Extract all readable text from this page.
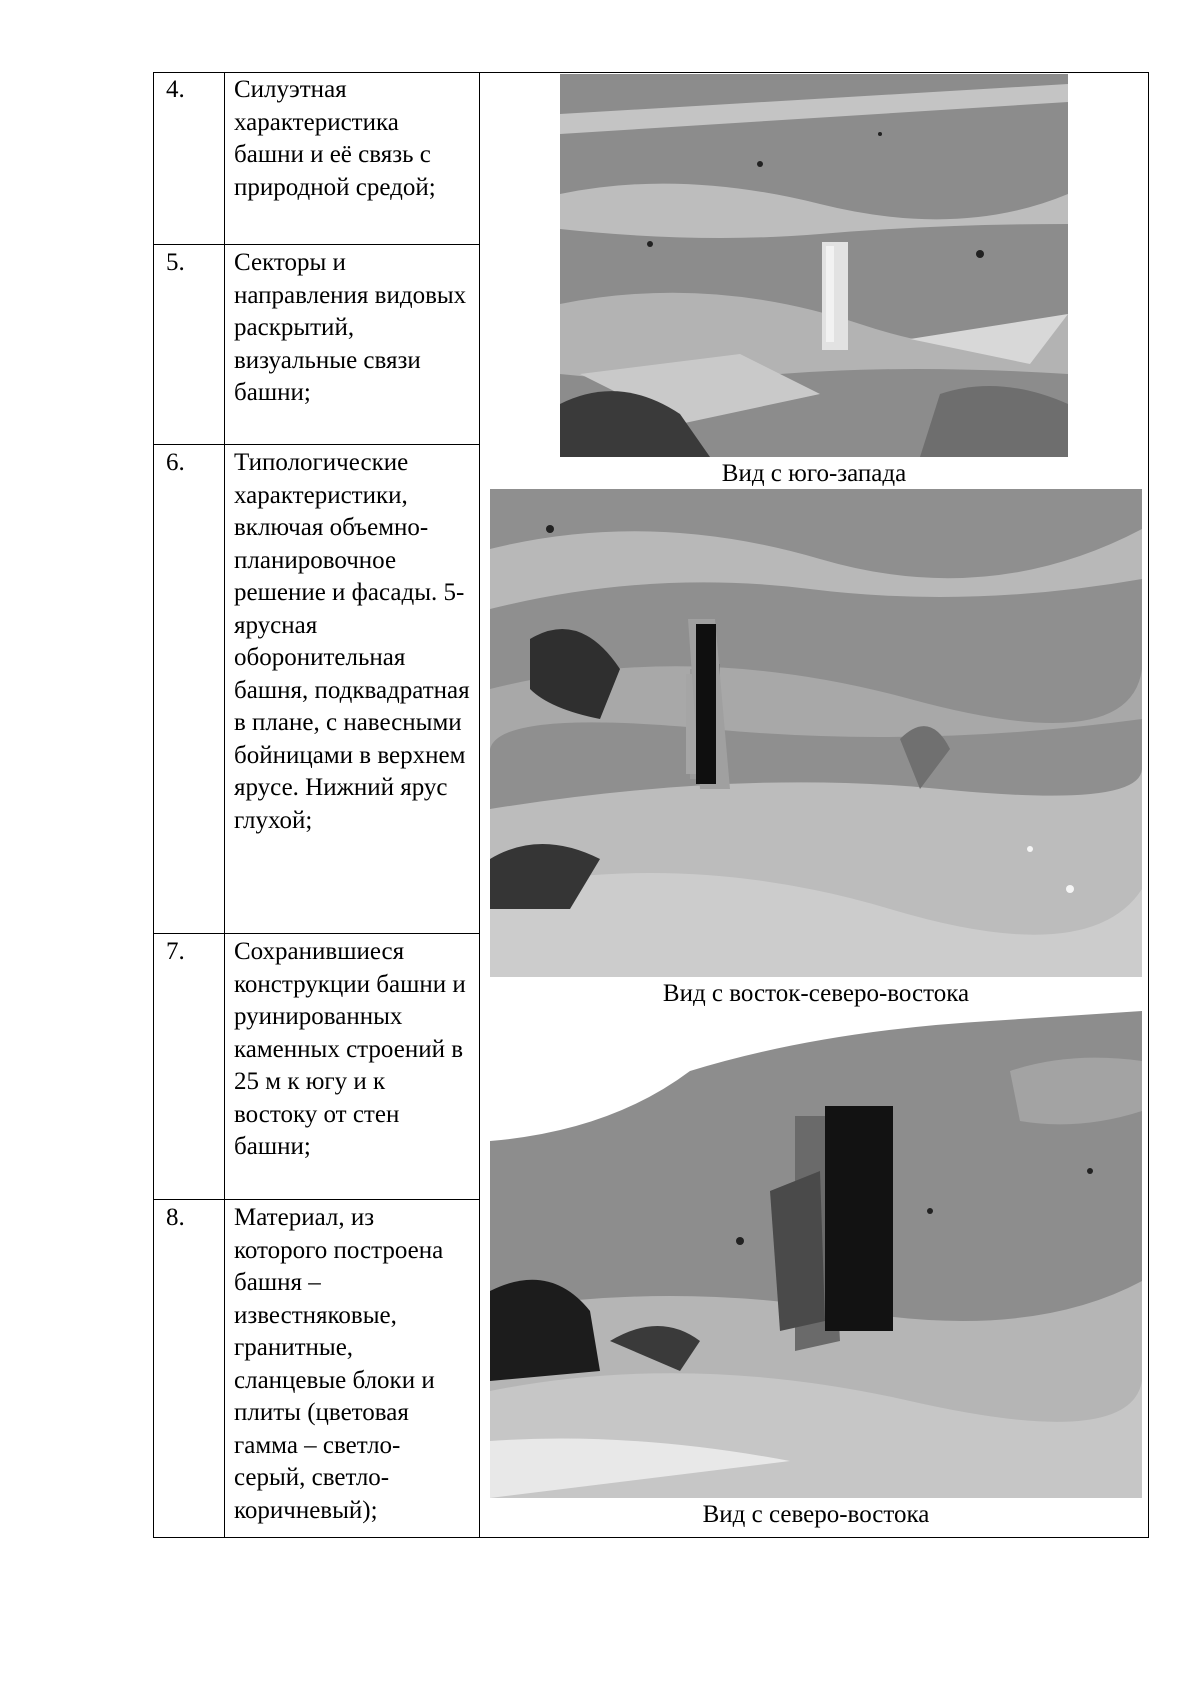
4.
5.
6.
7.
8.
Силуэтная характеристика башни и её связь с природной средой;
Секторы и направления видовых раскрытий, визуальные связи башни;
Типологические характеристики, включая объемно-планировочное решение и фасады. 5-ярусная оборонительная башня, подквадратная в плане, с навесными бойницами в верхнем ярусе. Нижний ярус глухой;
Сохранившиеся конструкции башни и руинированных каменных строений в 25 м к югу и к востоку от стен башни;
Материал, из которого построена башня – известняковые, гранитные, сланцевые блоки и плиты (цветовая гамма – светло-серый, светло-коричневый);
Вид с юго-запада
Вид с восток-северо-востока
Вид с северо-востока
